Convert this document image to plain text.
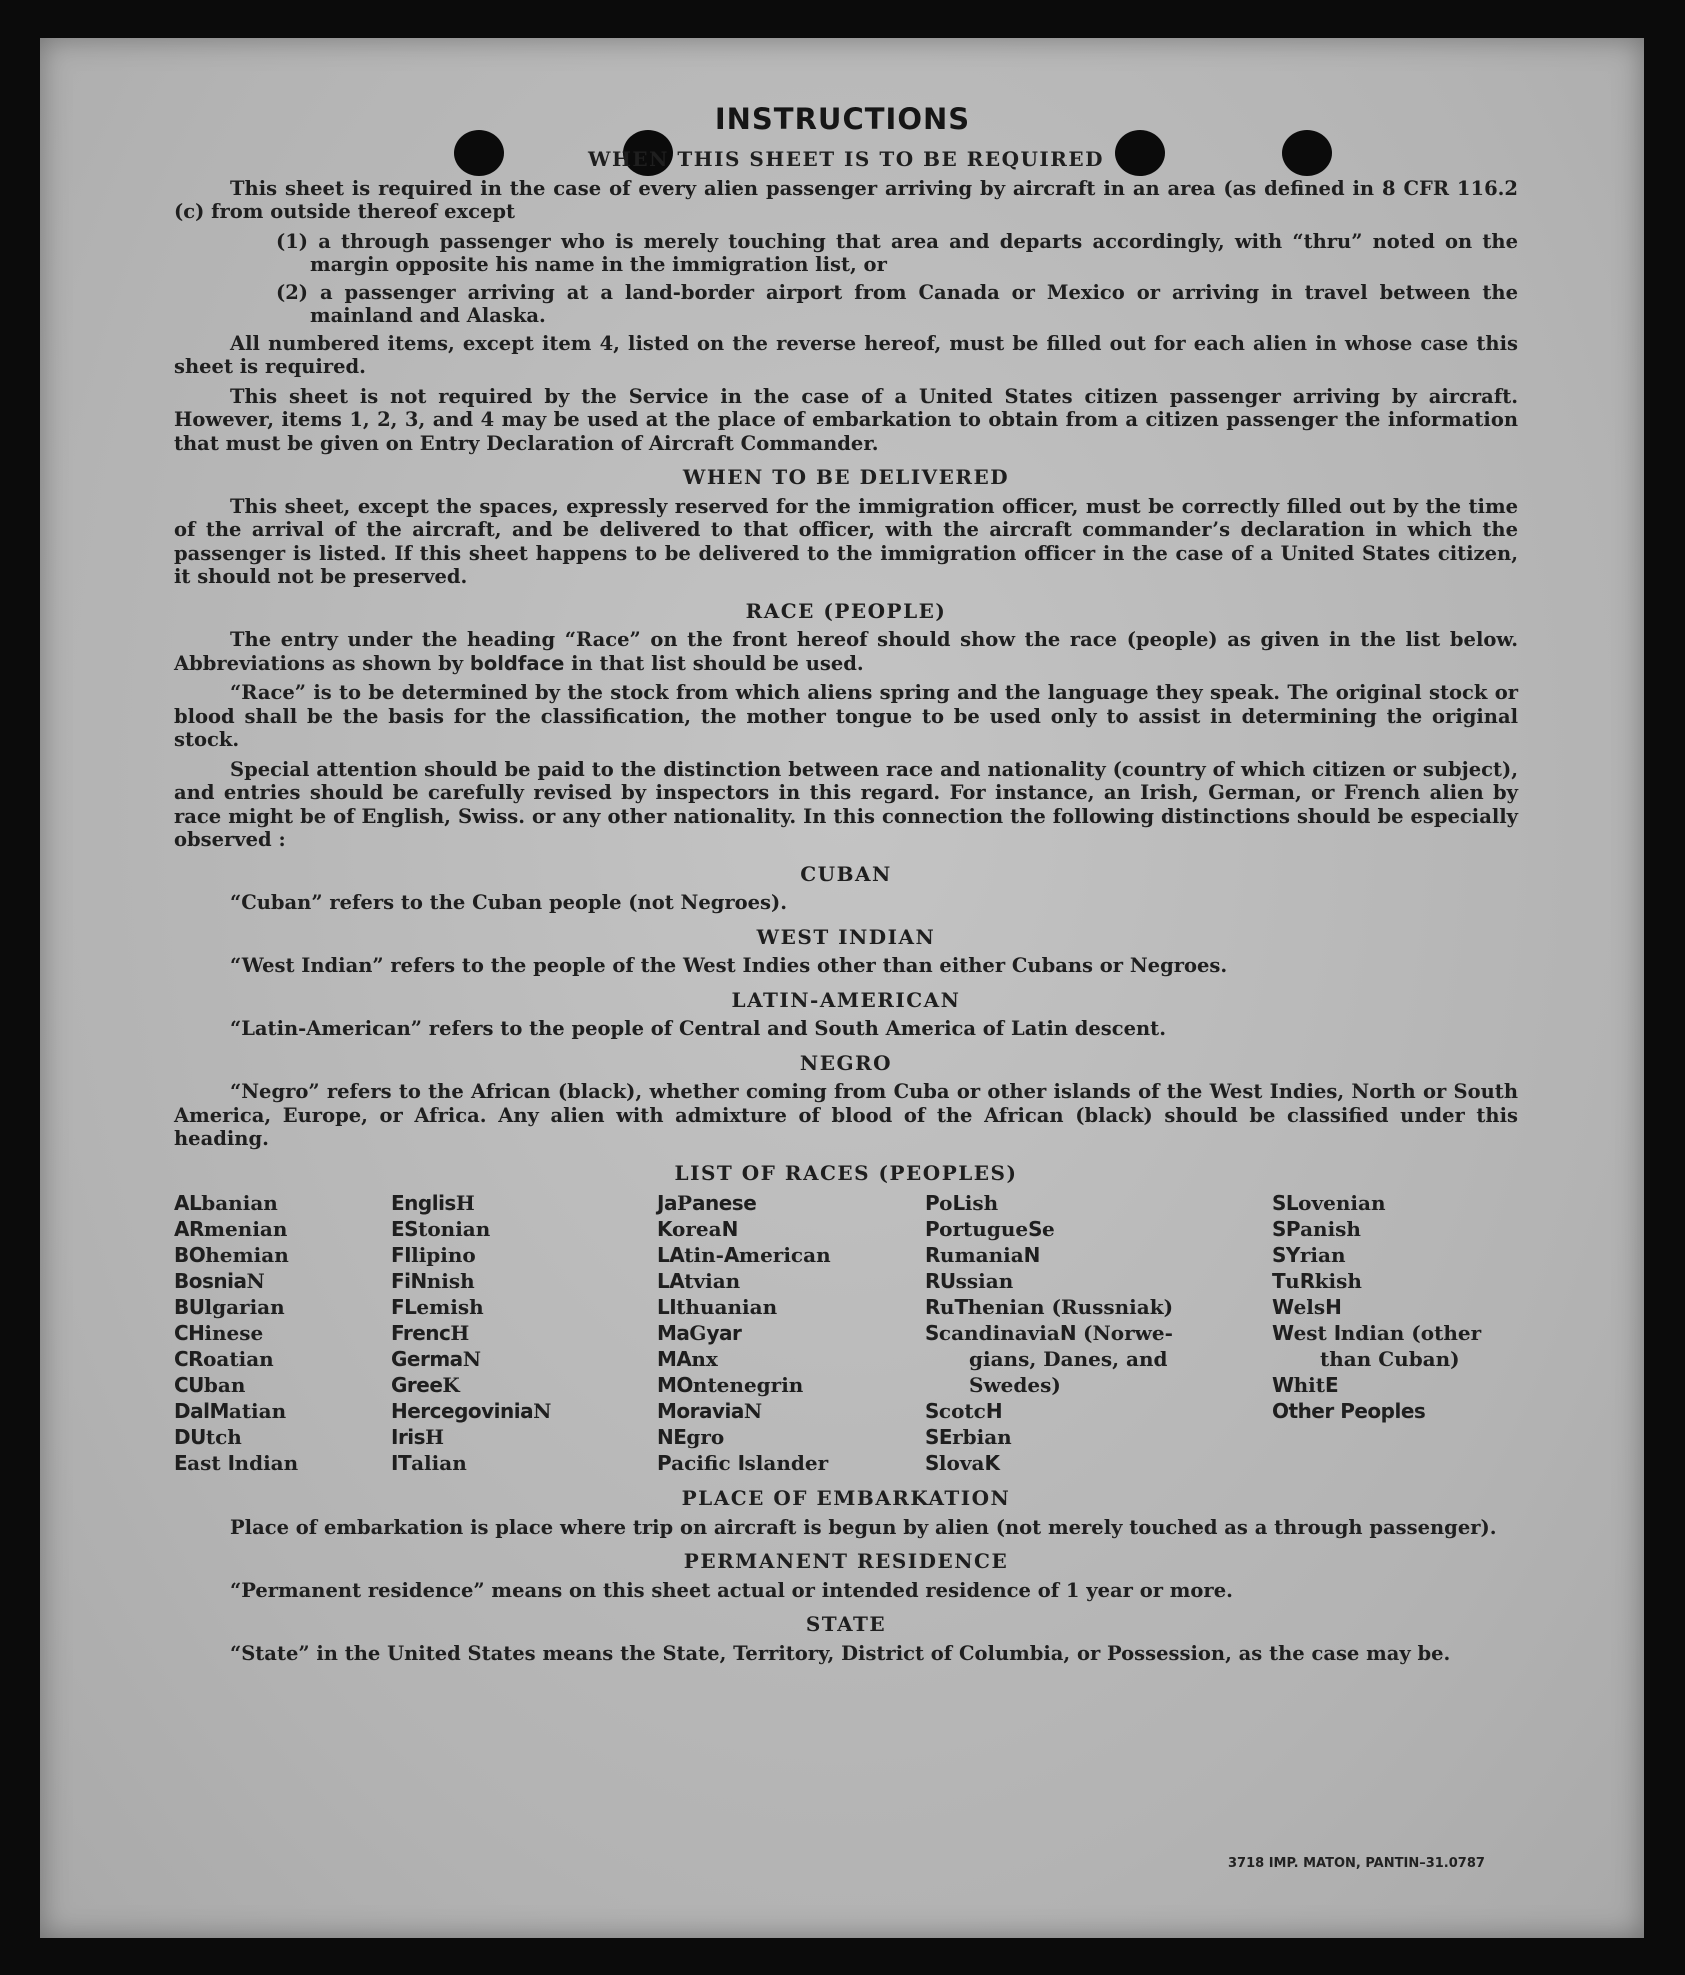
INSTRUCTIONS
WHEN THIS SHEET IS TO BE REQUIRED

This sheet is required in the case of every alien passenger arriving by aircraft in an area (as defined in 8 CFR 116.2 (c) from outside thereof except

(1) a through passenger who is merely touching that area and departs accordingly, with “thru” noted on the margin opposite his name in the immigration list, or
(2) a passenger arriving at a land-border airport from Canada or Mexico or arriving in travel between the mainland and Alaska.

All numbered items, except item 4, listed on the reverse hereof, must be filled out for each alien in whose case this sheet is required.

This sheet is not required by the Service in the case of a United States citizen passenger arriving by aircraft. However, items 1, 2, 3, and 4 may be used at the place of embarkation to obtain from a citizen passenger the information that must be given on Entry Declaration of Aircraft Commander.

WHEN TO BE DELIVERED

This sheet, except the spaces, expressly reserved for the immigration officer, must be correctly filled out by the time of the arrival of the aircraft, and be delivered to that officer, with the aircraft commander’s declaration in which the passenger is listed. If this sheet happens to be delivered to the immigration officer in the case of a United States citizen, it should not be preserved.

RACE (PEOPLE)

The entry under the heading “Race” on the front hereof should show the race (people) as given in the list below. Abbreviations as shown by boldface in that list should be used.

“Race” is to be determined by the stock from which aliens spring and the language they speak. The original stock or blood shall be the basis for the classification, the mother tongue to be used only to assist in determining the original stock.

Special attention should be paid to the distinction between race and nationality (country of which citizen or subject), and entries should be carefully revised by inspectors in this regard. For instance, an Irish, German, or French alien by race might be of English, Swiss. or any other nationality. In this connection the following distinctions should be especially observed :

CUBAN

“Cuban” refers to the Cuban people (not Negroes).

WEST INDIAN

“West Indian” refers to the people of the West Indies other than either Cubans or Negroes.

LATIN-AMERICAN

“Latin-American” refers to the people of Central and South America of Latin descent.

NEGRO

“Negro” refers to the African (black), whether coming from Cuba or other islands of the West Indies, North or South America, Europe, or Africa. Any alien with admixture of blood of the African (black) should be classified under this heading.

LIST OF RACES (PEOPLES)
ALbanian
ARmenian
BOhemian
BosniaN
BUlgarian
CHinese
CRoatian
CUban
DalMatian
DUtch
East Indian
EnglisH
EStonian
FIlipino
FiNnish
FLemish
FrencH
GermaN
GreeK
HercegoviniaN
IrisH
ITalian
JaPanese
KoreaN
LAtin-American
LAtvian
LIthuanian
MaGyar
MAnx
MOntenegrin
MoraviaN
NEgro
Pacific Islander
PoLish
PortugueSe
RumaniaN
RUssian
RuThenian (Russniak)
ScandinaviaN (Norwe-
gians, Danes, and
Swedes)
ScotcH
SErbian
SlovaK
SLovenian
SPanish
SYrian
TuRkish
WelsH
West Indian (other
than Cuban)
WhitE
Other Peoples
PLACE OF EMBARKATION

Place of embarkation is place where trip on aircraft is begun by alien (not merely touched as a through passenger).

PERMANENT RESIDENCE

“Permanent residence” means on this sheet actual or intended residence of 1 year or more.

STATE

“State” in the United States means the State, Territory, District of Columbia, or Possession, as the case may be.

3718 IMP. MATON, PANTIN–31.0787
